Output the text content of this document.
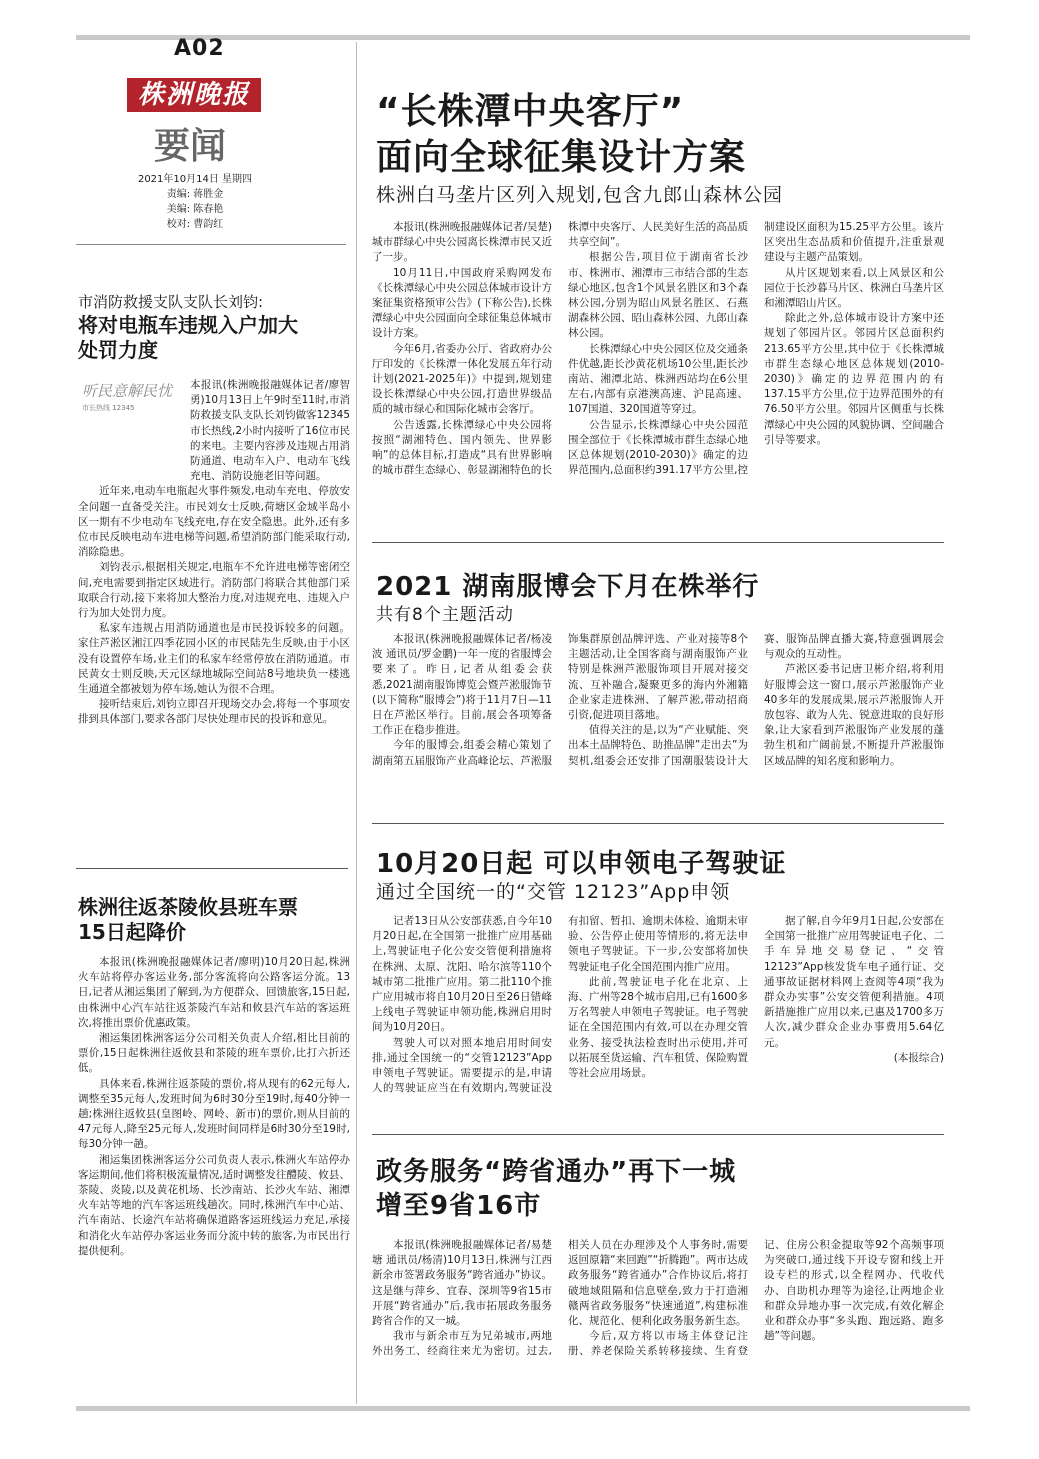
A02
株洲晚报
要闻
2021年10月14日 星期四
责编: 蒋胜金
美编: 陈春艳
校对: 曹韵红
市消防救援支队支队长刘钧:
将对电瓶车违规入户加大
处罚力度
听民意解民忧
市长热线 12345

本报讯(株洲晚报融媒体记者/廖智勇)10月13日上午9时至11时,市消防救援支队支队长刘钧做客12345市长热线,2小时内接听了16位市民的来电。主要内容涉及违规占用消防通道、电动车入户、电动车飞线充电、消防设施老旧等问题。

近年来,电动车电瓶起火事件频发,电动车充电、停放安全问题一直备受关注。市民刘女士反映,荷塘区金域半岛小区一期有不少电动车飞线充电,存在安全隐患。此外,还有多位市民反映电动车进电梯等问题,希望消防部门能采取行动,消除隐患。

刘钧表示,根据相关规定,电瓶车不允许进电梯等密闭空间,充电需要到指定区域进行。消防部门将联合其他部门采取联合行动,接下来将加大整治力度,对违规充电、违规入户行为加大处罚力度。

私家车违规占用消防通道也是市民投诉较多的问题。家住芦淞区湘江四季花园小区的市民陆先生反映,由于小区没有设置停车场,业主们的私家车经常停放在消防通道。市民黄女士则反映,天元区绿地城际空间站8号地块负一楼逃生通道全都被划为停车场,她认为很不合理。

接听结束后,刘钧立即召开现场交办会,将每一个事项安排到具体部门,要求各部门尽快处理市民的投诉和意见。

株洲往返茶陵攸县班车票
15日起降价

本报讯(株洲晚报融媒体记者/廖明)10月20日起,株洲火车站将停办客运业务,部分客流将向公路客运分流。13日,记者从湘运集团了解到,为方便群众、回馈旅客,15日起,由株洲中心汽车站往返茶陵汽车站和攸县汽车站的客运班次,将推出票价优惠政策。

湘运集团株洲客运分公司相关负责人介绍,相比目前的票价,15日起株洲往返攸县和茶陵的班车票价,比打六折还低。

具体来看,株洲往返茶陵的票价,将从现有的62元每人,调整至35元每人,发班时间为6时30分至19时,每40分钟一趟;株洲往返攸县(皇图岭、网岭、新市)的票价,则从目前的47元每人,降至25元每人,发班时间同样是6时30分至19时,每30分钟一趟。

湘运集团株洲客运分公司负责人表示,株洲火车站停办客运期间,他们将积极流量情况,适时调整发往醴陵、攸县、茶陵、炎陵,以及黄花机场、长沙南站、长沙火车站、湘潭火车站等地的汽车客运班线趟次。同时,株洲汽车中心站、汽车南站、长途汽车站将确保道路客运班线运力充足,承接和消化火车站停办客运业务而分流中转的旅客,为市民出行提供便利。

“长株潭中央客厅”
面向全球征集设计方案
株洲白马垄片区列入规划,包含九郎山森林公园

本报讯(株洲晚报融媒体记者/吴楚)城市群绿心中央公园离长株潭市民又近了一步。

10月11日,中国政府采购网发布《长株潭绿心中央公园总体城市设计方案征集资格预审公告》(下称公告),长株潭绿心中央公园面向全球征集总体城市设计方案。

今年6月,省委办公厅、省政府办公厅印发的《长株潭一体化发展五年行动计划(2021-2025年)》中提到,规划建设长株潭绿心中央公园,打造世界级品质的城市绿心和国际化城市会客厅。

公告透露,长株潭绿心中央公园将按照“湖湘特色、国内领先、世界影响”的总体目标,打造成“具有世界影响的城市群生态绿心、彰显湖湘特色的长株潭中央客厅、人民美好生活的高品质共享空间”。

根据公告,项目位于湖南省长沙市、株洲市、湘潭市三市结合部的生态绿心地区,包含1个风景名胜区和3个森林公园,分别为昭山风景名胜区、石燕湖森林公园、昭山森林公园、九郎山森林公园。

长株潭绿心中央公园区位及交通条件优越,距长沙黄花机场10公里,距长沙南站、湘潭北站、株洲西站均在6公里左右,内部有京港澳高速、沪昆高速、107国道、320国道等穿过。

公告显示,长株潭绿心中央公园范围全部位于《长株潭城市群生态绿心地区总体规划(2010-2030)》确定的边界范围内,总面积约391.17平方公里,控制建设区面积为15.25平方公里。该片区突出生态品质和价值提升,注重景观建设与主题产品策划。

从片区规划来看,以上风景区和公园位于长沙暮马片区、株洲白马垄片区和湘潭昭山片区。

除此之外,总体城市设计方案中还规划了邻园片区。邻园片区总面积约213.65平方公里,其中位于《长株潭城市群生态绿心地区总体规划(2010-2030)》确定的边界范围内的有137.15平方公里,位于边界范围外的有76.50平方公里。邻园片区侧重与长株潭绿心中央公园的风貌协调、空间融合引导等要求。

2021 湖南服博会下月在株举行
共有8个主题活动

本报讯(株洲晚报融媒体记者/杨凌波 通讯员/罗金鹏)一年一度的省服博会要来了。昨日,记者从组委会获悉,2021湖南服饰博览会暨芦淞服饰节(以下简称“服博会”)将于11月7日—11日在芦淞区举行。目前,展会各项筹备工作正在稳步推进。

今年的服博会,组委会精心策划了湖南第五届服饰产业高峰论坛、芦淞服饰集群原创品牌评选、产业对接等8个主题活动,让全国客商与湖南服饰产业特别是株洲芦淞服饰项目开展对接交流、互补融合,凝聚更多的海内外湘籍企业家走进株洲、了解芦淞,带动招商引资,促进项目落地。

值得关注的是,以为“产业赋能、突出本土品牌特色、助推品牌”走出去”为契机,组委会还安排了国潮服装设计大赛、服饰品牌直播大赛,特意强调展会与观众的互动性。

芦淞区委书记唐卫彬介绍,将利用好服博会这一窗口,展示芦淞服饰产业40多年的发展成果,展示芦淞服饰人开放包容、敢为人先、锐意进取的良好形象,让大家看到芦淞服饰产业发展的蓬勃生机和广阔前景,不断提升芦淞服饰区域品牌的知名度和影响力。

10月20日起 可以申领电子驾驶证
通过全国统一的“交管 12123”App申领

记者13日从公安部获悉,自今年10月20日起,在全国第一批推广应用基础上,驾驶证电子化公安交管便利措施将在株洲、太原、沈阳、哈尔滨等110个城市第二批推广应用。第二批110个推广应用城市将自10月20日至26日错峰上线电子驾驶证申领功能,株洲启用时间为10月20日。

驾驶人可以对照本地启用时间安排,通过全国统一的“交管12123”App申领电子驾驶证。需要提示的是,申请人的驾驶证应当在有效期内,驾驶证没有扣留、暂扣、逾期未体检、逾期未审验、公告停止使用等情形的,将无法申领电子驾驶证。下一步,公安部将加快驾驶证电子化全国范围内推广应用。

此前,驾驶证电子化在北京、上海、广州等28个城市启用,已有1600多万名驾驶人申领电子驾驶证。电子驾驶证在全国范围内有效,可以在办理交管业务、接受执法检查时出示使用,并可以拓展至货运输、汽车租赁、保险购置等社会应用场景。

据了解,自今年9月1日起,公安部在全国第一批推广应用驾驶证电子化、二手车异地交易登记、“交管12123”App核发货车电子通行证、交通事故证据材料网上查阅等4项“我为群众办实事”公安交管便利措施。4项新措施推广应用以来,已惠及1700多万人次,减少群众企业办事费用5.64亿元。

(本报综合)

政务服务“跨省通办”再下一城
增至9省16市

本报讯(株洲晚报融媒体记者/易楚塘 通讯员/杨清)10月13日,株洲与江西新余市签署政务服务“跨省通办”协议。这是继与萍乡、宜春、深圳等9省15市开展“跨省通办”后,我市拓展政务服务跨省合作的又一城。

我市与新余市互为兄弟城市,两地外出务工、经商往来尤为密切。过去,相关人员在办理涉及个人事务时,需要返回原籍“来回跑”“折腾跑”。两市达成政务服务“跨省通办”合作协议后,将打破地域阻隔和信息壁垒,致力于打造湘赣两省政务服务“快速通道”,构建标准化、规范化、便利化政务服务新生态。

今后,双方将以市场主体登记注册、养老保险关系转移接续、生育登记、住房公积金提取等92个高频事项为突破口,通过线下开设专窗和线上开设专栏的形式,以全程网办、代收代办、自助机办理等为途径,让两地企业和群众异地办事一次完成,有效化解企业和群众办事“多头跑、跑远路、跑多趟”等问题。
